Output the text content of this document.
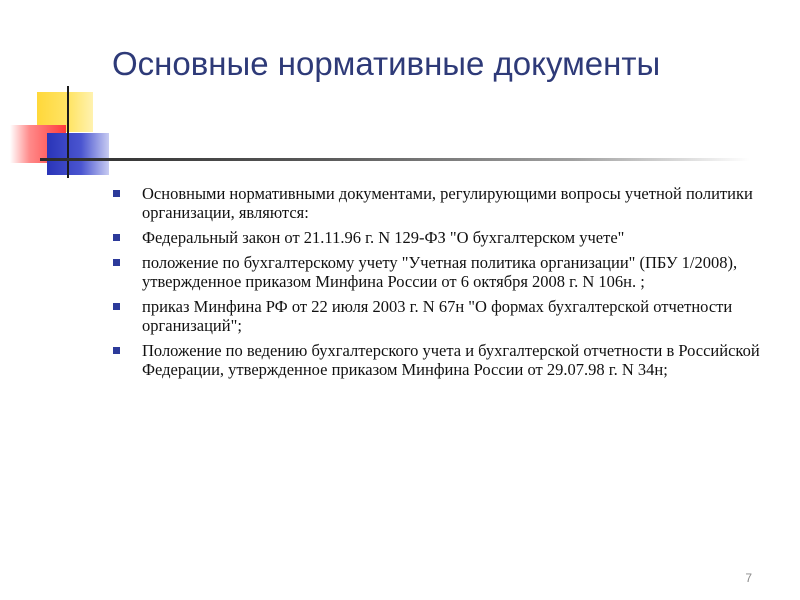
Основные нормативные документы
Основными нормативными документами, регулирующими вопросы учетной политики организации, являются:
Федеральный закон от 21.11.96 г. N 129-ФЗ "О бухгалтерском учете"
положение по бухгалтерскому учету "Учетная политика организации" (ПБУ 1/2008), утвержденное приказом Минфина России от 6 октября 2008 г. N 106н. ;
приказ Минфина РФ от 22 июля 2003 г. N 67н "О формах бухгалтерской отчетности организаций";
Положение по ведению бухгалтерского учета и бухгалтерской отчетности в Российской Федерации, утвержденное приказом Минфина России от 29.07.98 г. N 34н;
7
